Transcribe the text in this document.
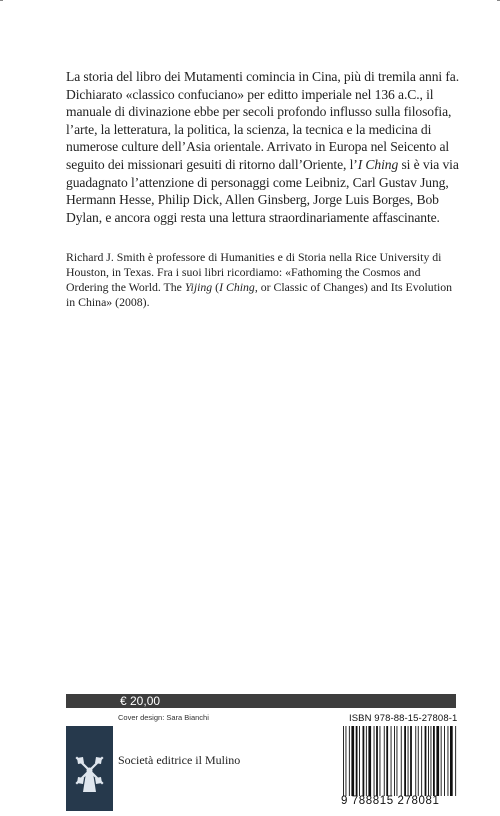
La storia del libro dei Mutamenti comincia in Cina, più di tremila anni fa. Dichiarato «classico confuciano» per editto imperiale nel 136 a.C., il manuale di divinazione ebbe per secoli profondo influsso sulla filosofia, l’arte, la letteratura, la politica, la scienza, la tecnica e la medicina di numerose culture dell’Asia orientale. Arrivato in Europa nel Seicento al seguito dei missionari gesuiti di ritorno dall’Oriente, l’I Ching si è via via guadagnato l’attenzione di personaggi come Leibniz, Carl Gustav Jung, Hermann Hesse, Philip Dick, Allen Ginsberg, Jorge Luis Borges, Bob Dylan, e ancora oggi resta una lettura straordinariamente affascinante.

Richard J. Smith è professore di Humanities e di Storia nella Rice University di Houston, in Texas. Fra i suoi libri ricordiamo: «Fathoming the Cosmos and Ordering the World. The Yijing (I Ching, or Classic of Changes) and Its Evolution in China» (2008).

€ 20,00
Cover design: Sara Bianchi	ISBN 978-88-15-27808-1
Società editrice il Mulino
9 788815 278081
